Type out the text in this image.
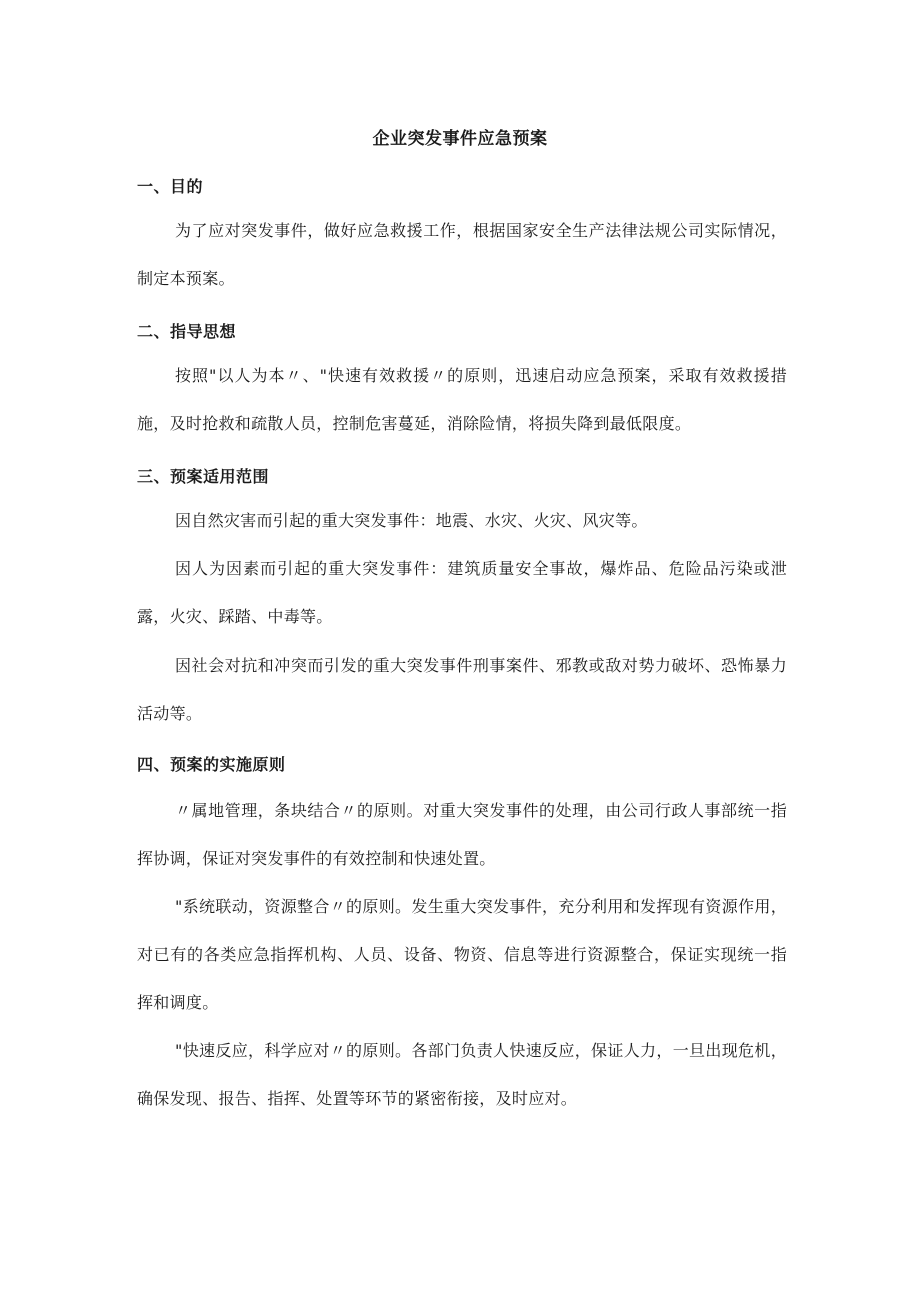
企业突发事件应急预案
一、目的
为了应对突发事件，做好应急救援工作，根据国家安全生产法律法规公司实际情况，制定本预案。
二、指导思想
按照"以人为本〃、"快速有效救援〃的原则，迅速启动应急预案，采取有效救援措施，及时抢救和疏散人员，控制危害蔓延，消除险情，将损失降到最低限度。
三、预案适用范围
因自然灾害而引起的重大突发事件：地震、水灾、火灾、风灾等。
因人为因素而引起的重大突发事件：建筑质量安全事故，爆炸品、危险品污染或泄露，火灾、踩踏、中毒等。
因社会对抗和冲突而引发的重大突发事件刑事案件、邪教或敌对势力破坏、恐怖暴力活动等。
四、预案的实施原则
〃属地管理，条块结合〃的原则。对重大突发事件的处理，由公司行政人事部统一指挥协调，保证对突发事件的有效控制和快速处置。
"系统联动，资源整合〃的原则。发生重大突发事件，充分利用和发挥现有资源作用，对已有的各类应急指挥机构、人员、设备、物资、信息等进行资源整合，保证实现统一指挥和调度。
"快速反应，科学应对〃的原则。各部门负责人快速反应，保证人力，一旦出现危机，确保发现、报告、指挥、处置等环节的紧密衔接，及时应对。
